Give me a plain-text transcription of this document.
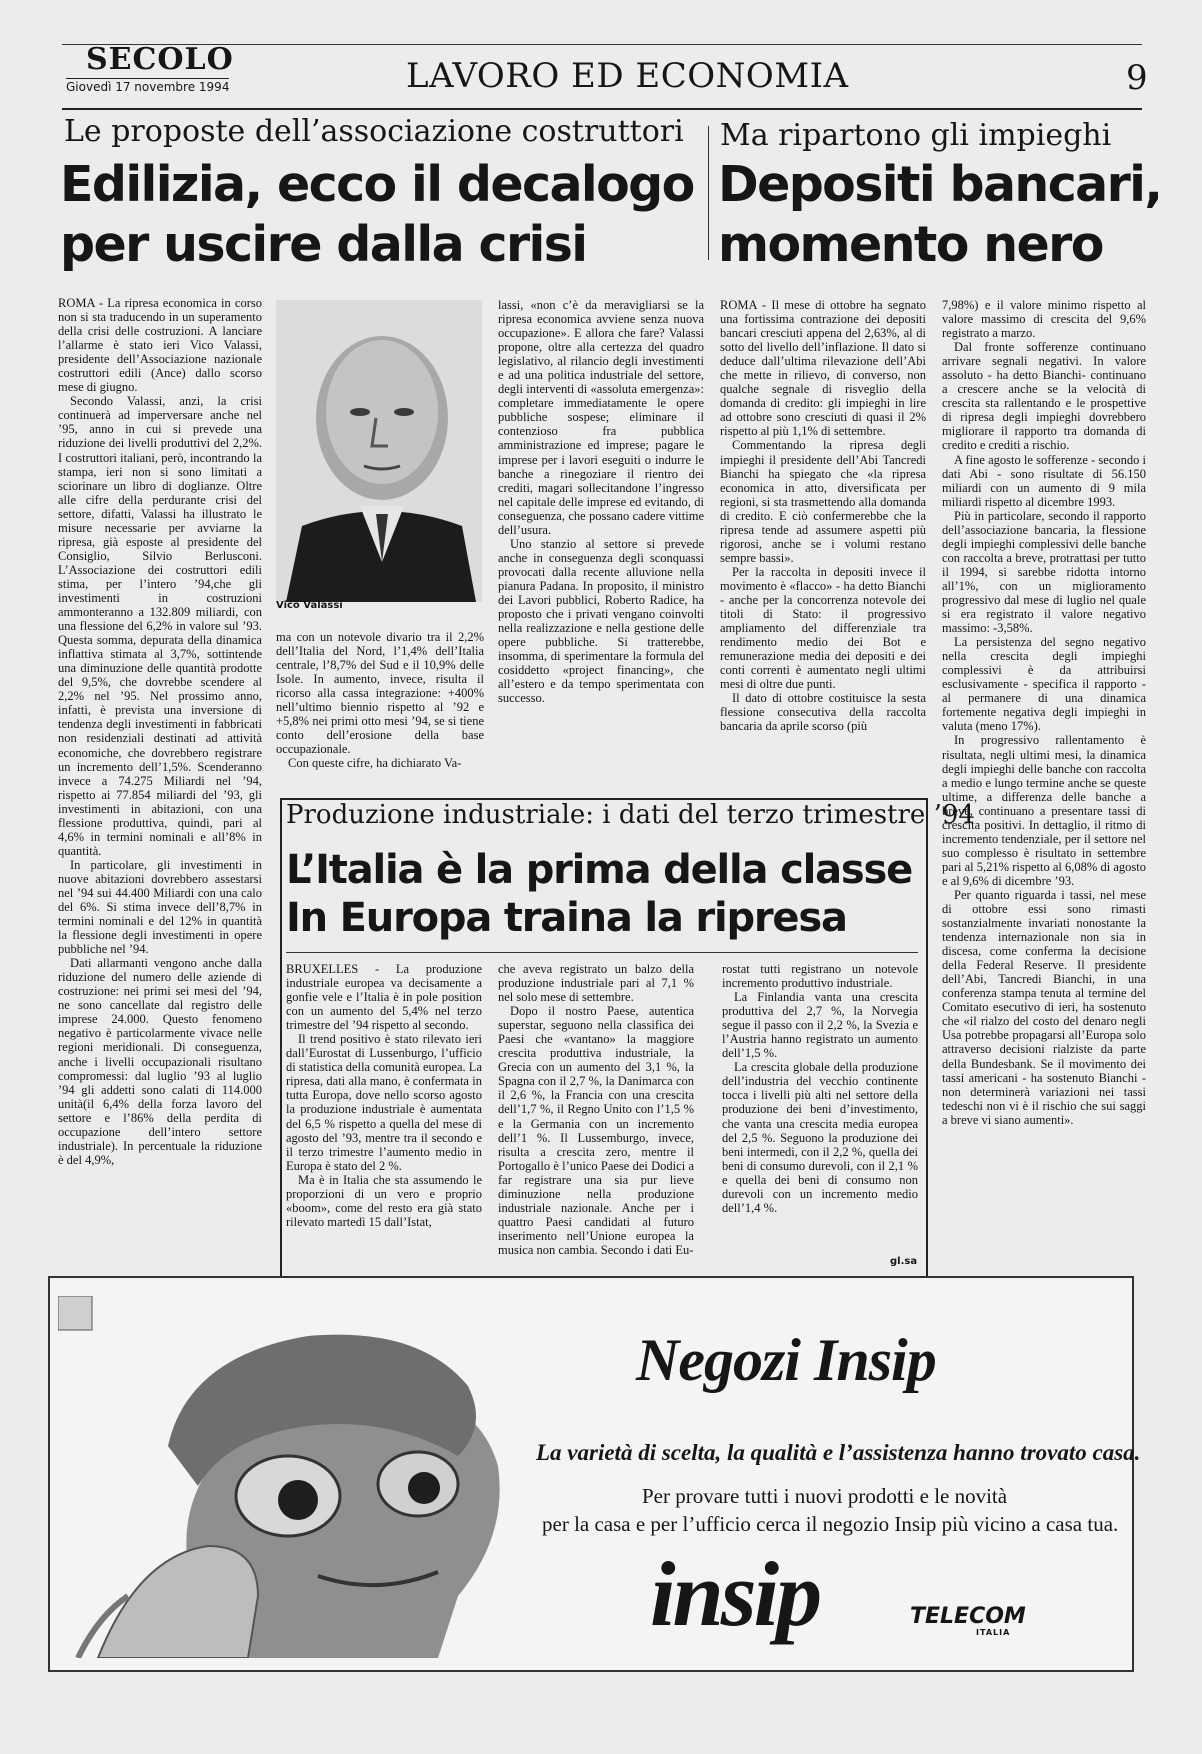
SECOLO
Giovedì 17 novembre 1994	LAVORO ED ECONOMIA	9
Le proposte dell’associazione costruttori
Edilizia, ecco il decalogo
per uscire dalla crisi

ROMA - La ripresa economica in corso non si sta traducendo in un superamento della crisi delle costruzioni. A lanciare l’allarme è stato ieri Vico Valassi, presidente dell’Associazione nazionale costruttori edili (Ance) dallo scorso mese di giugno.

Secondo Valassi, anzi, la crisi continuerà ad imperversare anche nel ’95, anno in cui si prevede una riduzione dei livelli produttivi del 2,2%. I costruttori italiani, però, incontrando la stampa, ieri non si sono limitati a sciorinare un libro di doglianze. Oltre alle cifre della perdurante crisi del settore, difatti, Valassi ha illustrato le misure necessarie per avviarne la ripresa, già esposte al presidente del Consiglio, Silvio Berlusconi. L’Associazione dei costruttori edili stima, per l’intero ’94,che gli investimenti in costruzioni ammonteranno a 132.809 miliardi, con una flessione del 6,2% in valore sul ’93. Questa somma, depurata della dinamica inflattiva stimata al 3,7%, sottintende una diminuzione delle quantità prodotte del 9,5%, che dovrebbe scendere al 2,2% nel ’95. Nel prossimo anno, infatti, è prevista una inversione di tendenza degli investimenti in fabbricati non residenziali destinati ad attività economiche, che dovrebbero registrare un incremento dell’1,5%. Scenderanno invece a 74.275 Miliardi nel ’94, rispetto ai 77.854 miliardi del ’93, gli investimenti in abitazioni, con una flessione produttiva, quindi, pari al 4,6% in termini nominali e all’8% in quantità.

In particolare, gli investimenti in nuove abitazioni dovrebbero assestarsi nel ’94 sui 44.400 Miliardi con una calo del 6%. Si stima invece dell’8,7% in termini nominali e del 12% in quantità la flessione degli investimenti in opere pubbliche nel ’94.

Dati allarmanti vengono anche dalla riduzione del numero delle aziende di costruzione: nei primi sei mesi del ’94, ne sono cancellate dal registro delle imprese 24.000. Questo fenomeno negativo è particolarmente vivace nelle regioni meridionali. Di conseguenza, anche i livelli occupazionali risultano compromessi: dal luglio ’93 al luglio ’94 gli addetti sono calati di 114.000 unità(il 6,4% della forza lavoro del settore e l’86% della perdita di occupazione dell’intero settore industriale). In percentuale la riduzione è del 4,9%,

Vico Valassi

ma con un notevole divario tra il 2,2% dell’Italia del Nord, l’1,4% dell’Italia centrale, l’8,7% del Sud e il 10,9% delle Isole. In aumento, invece, risulta il ricorso alla cassa integrazione: +400% nell’ultimo biennio rispetto al ’92 e +5,8% nei primi otto mesi ’94, se si tiene conto dell’erosione della base occupazionale.

Con queste cifre, ha dichiarato Va-

lassi, «non c’è da meravigliarsi se la ripresa economica avviene senza nuova occupazione». E allora che fare? Valassi propone, oltre alla certezza del quadro legislativo, al rilancio degli investimenti e ad una politica industriale del settore, degli interventi di «assoluta emergenza»: completare immediatamente le opere pubbliche sospese; eliminare il contenzioso fra pubblica amministrazione ed imprese; pagare le imprese per i lavori eseguiti o indurre le banche a rinegoziare il rientro dei crediti, magari sollecitandone l’ingresso nel capitale delle imprese ed evitando, di conseguenza, che possano cadere vittime dell’usura.

Uno stanzio al settore si prevede anche in conseguenza degli sconquassi provocati dalla recente alluvione nella pianura Padana. In proposito, il ministro dei Lavori pubblici, Roberto Radice, ha proposto che i privati vengano coinvolti nella realizzazione e nella gestione delle opere pubbliche. Si tratterebbe, insomma, di sperimentare la formula del cosiddetto «project financing», che all’estero e da tempo sperimentata con successo.

Ma ripartono gli impieghi
Depositi bancari,
momento nero

ROMA - Il mese di ottobre ha segnato una fortissima contrazione dei depositi bancari cresciuti appena del 2,63%, al di sotto del livello dell’inflazione. Il dato si deduce dall’ultima rilevazione dell’Abi che mette in rilievo, di converso, non qualche segnale di risveglio della domanda di credito: gli impieghi in lire ad ottobre sono cresciuti di quasi il 2% rispetto al più 1,1% di settembre.

Commentando la ripresa degli impieghi il presidente dell’Abi Tancredi Bianchi ha spiegato che «la ripresa economica in atto, diversificata per regioni, si sta trasmettendo alla domanda di credito. E ciò confermerebbe che la ripresa tende ad assumere aspetti più rigorosi, anche se i volumi restano sempre bassi».

Per la raccolta in depositi invece il movimento è «flacco» - ha detto Bianchi - anche per la concorrenza notevole dei titoli di Stato: il progressivo ampliamento del differenziale tra rendimento medio dei Bot e remunerazione media dei depositi e dei conti correnti è aumentato negli ultimi mesi di oltre due punti.

Il dato di ottobre costituisce la sesta flessione consecutiva della raccolta bancaria da aprile scorso (più

7,98%) e il valore minimo rispetto al valore massimo di crescita del 9,6% registrato a marzo.

Dal fronte sofferenze continuano arrivare segnali negativi. In valore assoluto - ha detto Bianchi- continuano a crescere anche se la velocità di crescita sta rallentando e le prospettive di ripresa degli impieghi dovrebbero migliorare il rapporto tra domanda di credito e crediti a rischio.

A fine agosto le sofferenze - secondo i dati Abi - sono risultate di 56.150 miliardi con un aumento di 9 mila miliardi rispetto al dicembre 1993.

Più in particolare, secondo il rapporto dell’associazione bancaria, la flessione degli impieghi complessivi delle banche con raccolta a breve, protrattasi per tutto il 1994, si sarebbe ridotta intorno all’1%, con un miglioramento progressivo dal mese di luglio nel quale si era registrato il valore negativo massimo: -3,58%.

La persistenza del segno negativo nella crescita degli impieghi complessivi è da attribuirsi esclusivamente - specifica il rapporto - al permanere di una dinamica fortemente negativa degli impieghi in valuta (meno 17%).

In progressivo rallentamento è risultata, negli ultimi mesi, la dinamica degli impieghi delle banche con raccolta a medio e lungo termine anche se queste ultime, a differenza delle banche a breve, continuano a presentare tassi di crescita positivi. In dettaglio, il ritmo di incremento tendenziale, per il settore nel suo complesso è risultato in settembre pari al 5,21% rispetto al 6,08% di agosto e al 9,6% di dicembre ’93.

Per quanto riguarda i tassi, nel mese di ottobre essi sono rimasti sostanzialmente invariati nonostante la tendenza internazionale non sia in discesa, come conferma la decisione della Federal Reserve. Il presidente dell’Abi, Tancredi Bianchi, in una conferenza stampa tenuta al termine del Comitato esecutivo di ieri, ha sostenuto che «il rialzo del costo del denaro negli Usa potrebbe propagarsi all’Europa solo attraverso decisioni rialziste da parte della Bundesbank. Se il movimento dei tassi americani - ha sostenuto Bianchi - non determinerà variazioni nei tassi tedeschi non vi è il rischio che sui saggi a breve vi siano aumenti».

Produzione industriale: i dati del terzo trimestre ’94
L’Italia è la prima della classe
In Europa traina la ripresa

BRUXELLES - La produzione industriale europea va decisamente a gonfie vele e l’Italia è in pole position con un aumento del 5,4% nel terzo trimestre del ’94 rispetto al secondo.

Il trend positivo è stato rilevato ieri dall’Eurostat di Lussenburgo, l’ufficio di statistica della comunità europea. La ripresa, dati alla mano, è confermata in tutta Europa, dove nello scorso agosto la produzione industriale è aumentata del 6,5 % rispetto a quella del mese di agosto del ’93, mentre tra il secondo e il terzo trimestre l’aumento medio in Europa è stato del 2 %.

Ma è in Italia che sta assumendo le proporzioni di un vero e proprio «boom», come del resto era già stato rilevato martedì 15 dall’Istat,

che aveva registrato un balzo della produzione industriale pari al 7,1 % nel solo mese di settembre.

Dopo il nostro Paese, autentica superstar, seguono nella classifica dei Paesi che «vantano» la maggiore crescita produttiva industriale, la Grecia con un aumento del 3,1 %, la Spagna con il 2,7 %, la Danimarca con il 2,6 %, la Francia con una crescita dell’1,7 %, il Regno Unito con l’1,5 % e la Germania con un incremento dell’1 %. Il Lussemburgo, invece, risulta a crescita zero, mentre il Portogallo è l’unico Paese dei Dodici a far registrare una sia pur lieve diminuzione nella produzione industriale nazionale. Anche per i quattro Paesi candidati al futuro inserimento nell’Unione europea la musica non cambia. Secondo i dati Eu-

rostat tutti registrano un notevole incremento produttivo industriale.

La Finlandia vanta una crescita produttiva del 2,7 %, la Norvegia segue il passo con il 2,2 %, la Svezia e l’Austria hanno registrato un aumento dell’1,5 %.

La crescita globale della produzione dell’industria del vecchio continente tocca i livelli più alti nel settore della produzione dei beni d’investimento, che vanta una crescita media europea del 2,5 %. Seguono la produzione dei beni intermedi, con il 2,2 %, quella dei beni di consumo durevoli, con il 2,1 % e quella dei beni di consumo non durevoli con un incremento medio dell’1,4 %.

gl.sa
Negozi Insip
La varietà di scelta, la qualità e l’assistenza hanno trovato casa.
Per provare tutti i nuovi prodotti e le novità
per la casa e per l’ufficio cerca il negozio Insip più vicino a casa tua.
insip	TELECOM
ITALIA
